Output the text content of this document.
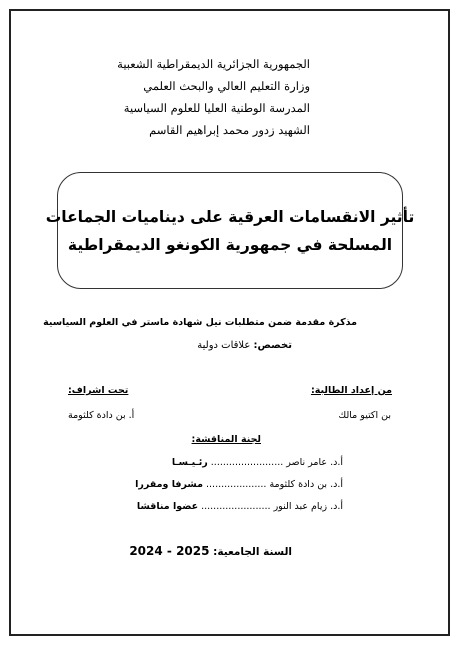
الجمهورية الجزائرية الديمقراطية الشعبية
وزارة التعليم العالي والبحث العلمي
المدرسة الوطنية العليا للعلوم السياسية
الشهيد زدور محمد إبراهيم القاسم
تأثير الانقسامات العرقية على ديناميات الجماعات
المسلحة في جمهورية الكونغو الديمقراطية
مذكرة مقدمة ضمن متطلبات نيل شهادة ماستر في العلوم السياسية
تخصص: علاقات دولية
من إعداد الطالبة:
بن اكتيو مالك
تحت اشراف:
أ. بن دادة كلثومة
لجنة المناقشة:
أ.د. عامر ناصر ........................ رئـيـسـا
أ.د. بن دادة كلثومة .................... مشرفا ومقررا
أ.د. زيام عبد النور ....................... عضوا مناقشا
السنة الجامعية: 2024 - 2025
